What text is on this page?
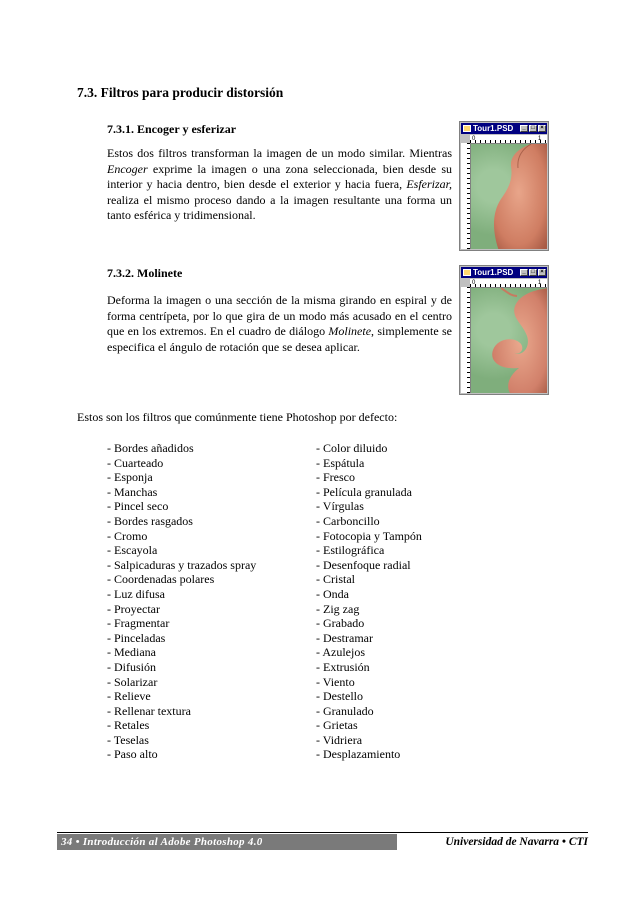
7.3. Filtros para producir distorsión
7.3.1. Encoger y esferizar
Estos dos filtros transforman la imagen de un modo similar. Mientras Encoger exprime la imagen o una zona seleccionada, bien desde su interior y hacia dentro, bien desde el exterior y hacia fuera, Esferizar, realiza el mismo proceso dando a la imagen resultante una forma un tanto esférica y tridimensional.
Tour1.PSD	_ □ ×
0	1
7.3.2. Molinete
Deforma la imagen o una sección de la misma girando en espiral y de forma centrípeta, por lo que gira de un modo más acusado en el centro que en los extremos. En el cuadro de diálogo Molinete, simplemente se especifica el ángulo de rotación que se desea aplicar.
Tour1.PSD	_ □ ×
0	1
Estos son los filtros que comúnmente tiene Photoshop por defecto:
- Bordes añadidos
- Cuarteado
- Esponja
- Manchas
- Pincel seco
- Bordes rasgados
- Cromo
- Escayola
- Salpicaduras y trazados spray
- Coordenadas polares
- Luz difusa
- Proyectar
- Fragmentar
- Pinceladas
- Mediana
- Difusión
- Solarizar
- Relieve
- Rellenar textura
- Retales
- Teselas
- Paso alto
- Color diluido
- Espátula
- Fresco
- Película granulada
- Vírgulas
- Carboncillo
- Fotocopia y Tampón
- Estilográfica
- Desenfoque radial
- Cristal
- Onda
- Zig zag
- Grabado
- Destramar
- Azulejos
- Extrusión
- Viento
- Destello
- Granulado
- Grietas
- Vidriera
- Desplazamiento
34 • Introducción al Adobe Photoshop 4.0	Universidad de Navarra • CTI
